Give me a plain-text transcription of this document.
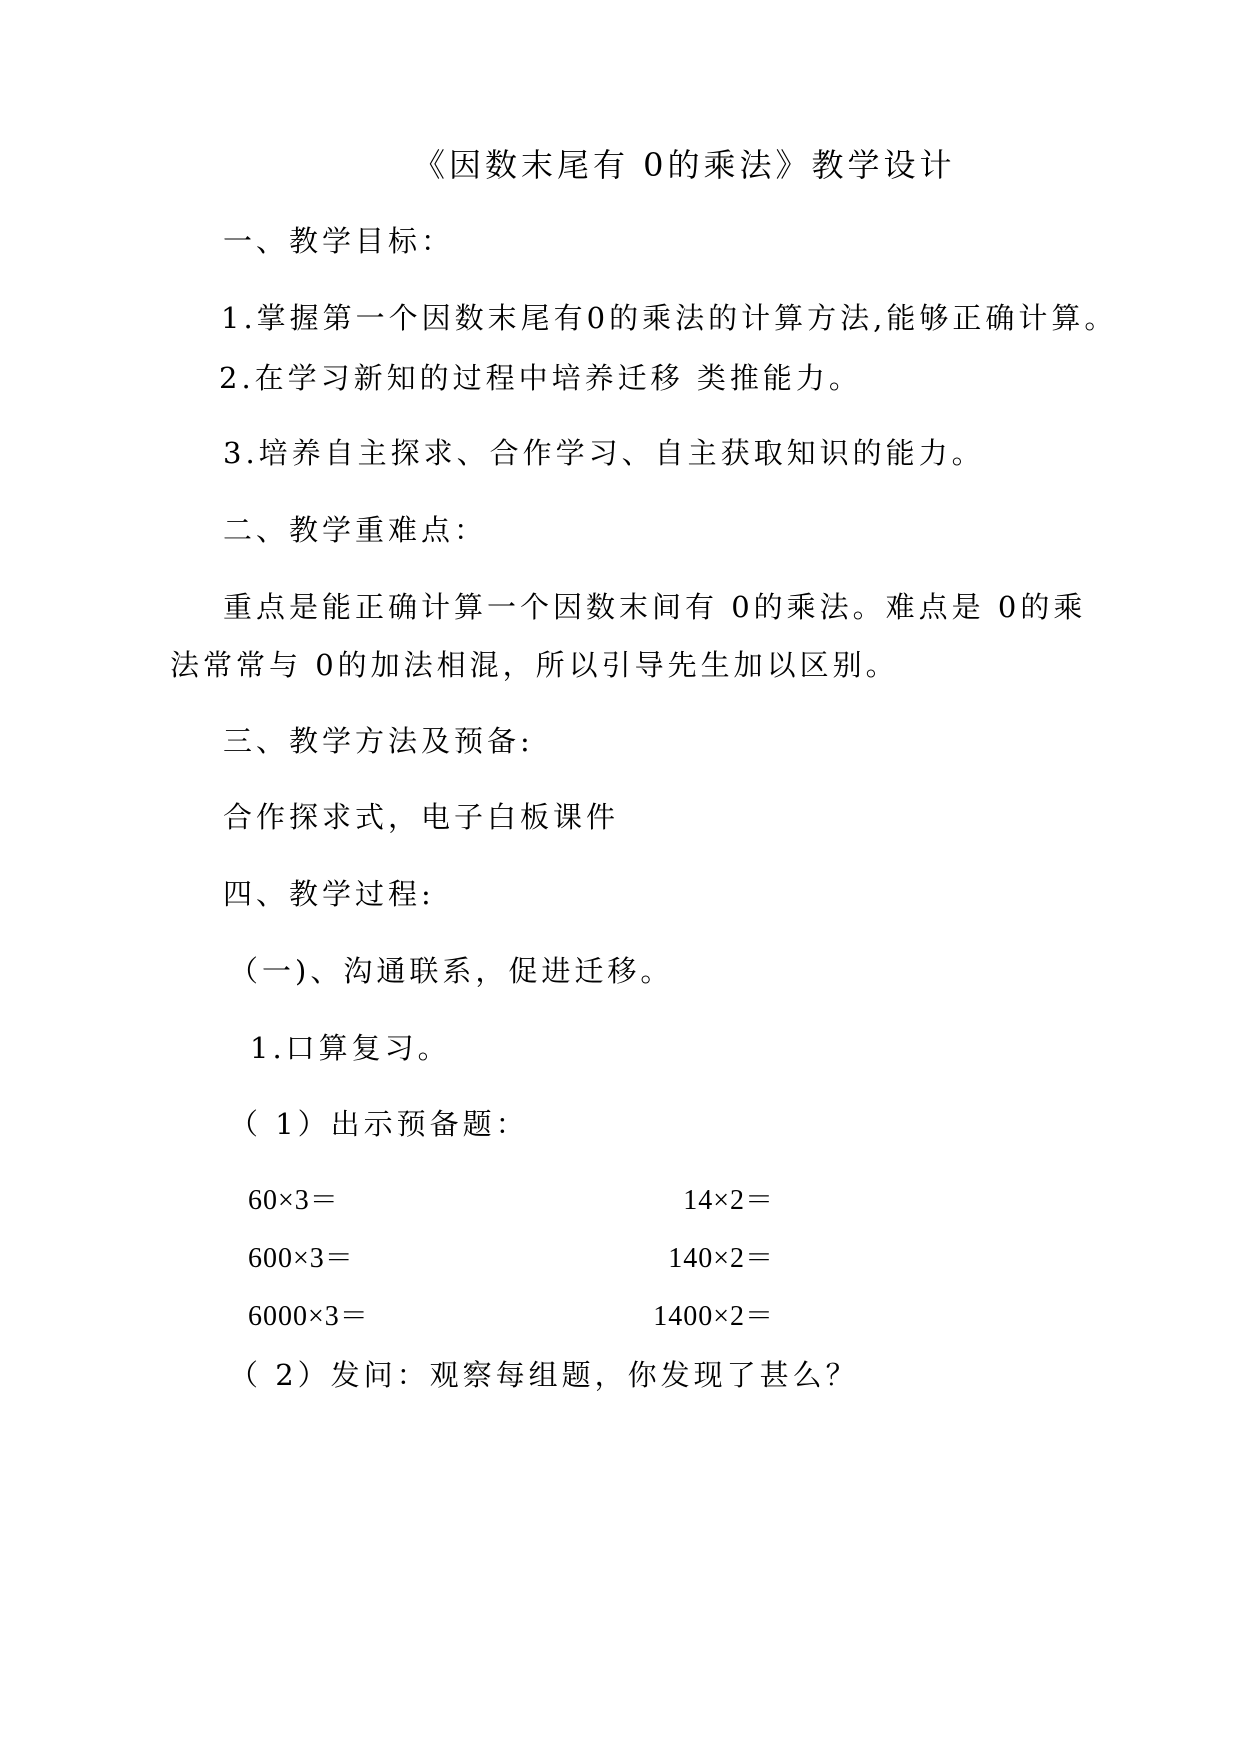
《因数末尾有 0的乘法》教学设计
一、教学目标：
1.掌握第一个因数末尾有0的乘法的计算方法,能够正确计算。
2.在学习新知的过程中培养迁移 类推能力。
3.培养自主探求、合作学习、自主获取知识的能力。
二、教学重难点：
重点是能正确计算一个因数末间有 0的乘法。难点是 0的乘
法常常与 0的加法相混，所以引导先生加以区别。
三、教学方法及预备:
合作探求式，电子白板课件
四、教学过程:
（一)、沟通联系，促进迁移。
1.口算复习。
（ 1）出示预备题：
60×3＝
600×3＝
6000×3＝
14×2＝
140×2＝
1400×2＝
（ 2）发问：观察每组题，你发现了甚么？
